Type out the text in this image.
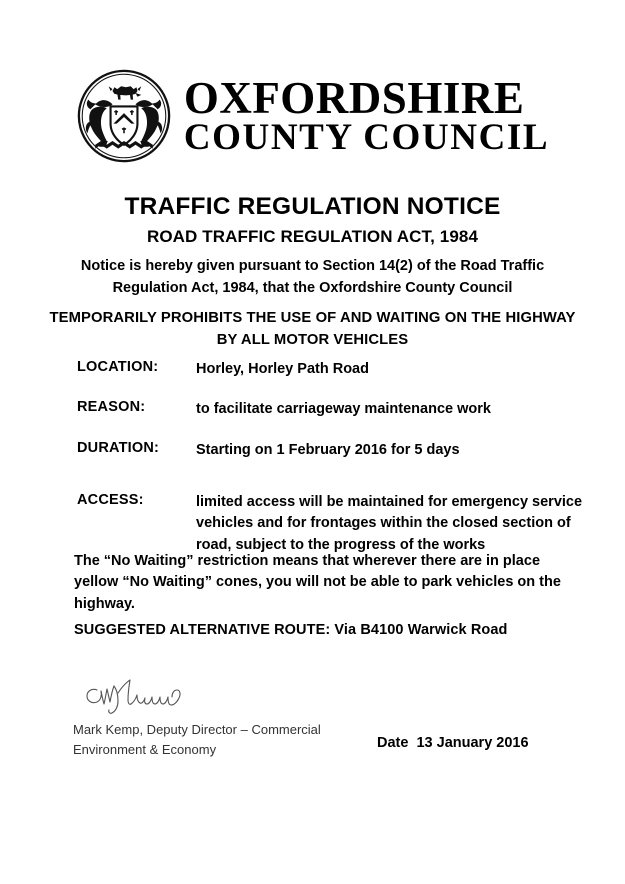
OXFORDSHIRE
COUNTY COUNCIL
TRAFFIC REGULATION NOTICE
ROAD TRAFFIC REGULATION ACT, 1984
Notice is hereby given pursuant to Section 14(2) of the Road Traffic Regulation Act, 1984, that the Oxfordshire County Council
TEMPORARILY PROHIBITS THE USE OF AND WAITING ON THE HIGHWAY BY ALL MOTOR VEHICLES
LOCATION:	Horley, Horley Path Road
REASON:	to facilitate carriageway maintenance work
DURATION:	Starting on 1 February 2016 for 5 days
ACCESS:	limited access will be maintained for emergency service vehicles and for frontages within the closed section of road, subject to the progress of the works
The “No Waiting” restriction means that wherever there are in place yellow “No Waiting” cones, you will not be able to park vehicles on the highway.
SUGGESTED ALTERNATIVE ROUTE: Via B4100 Warwick Road
Mark Kemp, Deputy Director – Commercial
Environment & Economy	Date  13 January 2016
